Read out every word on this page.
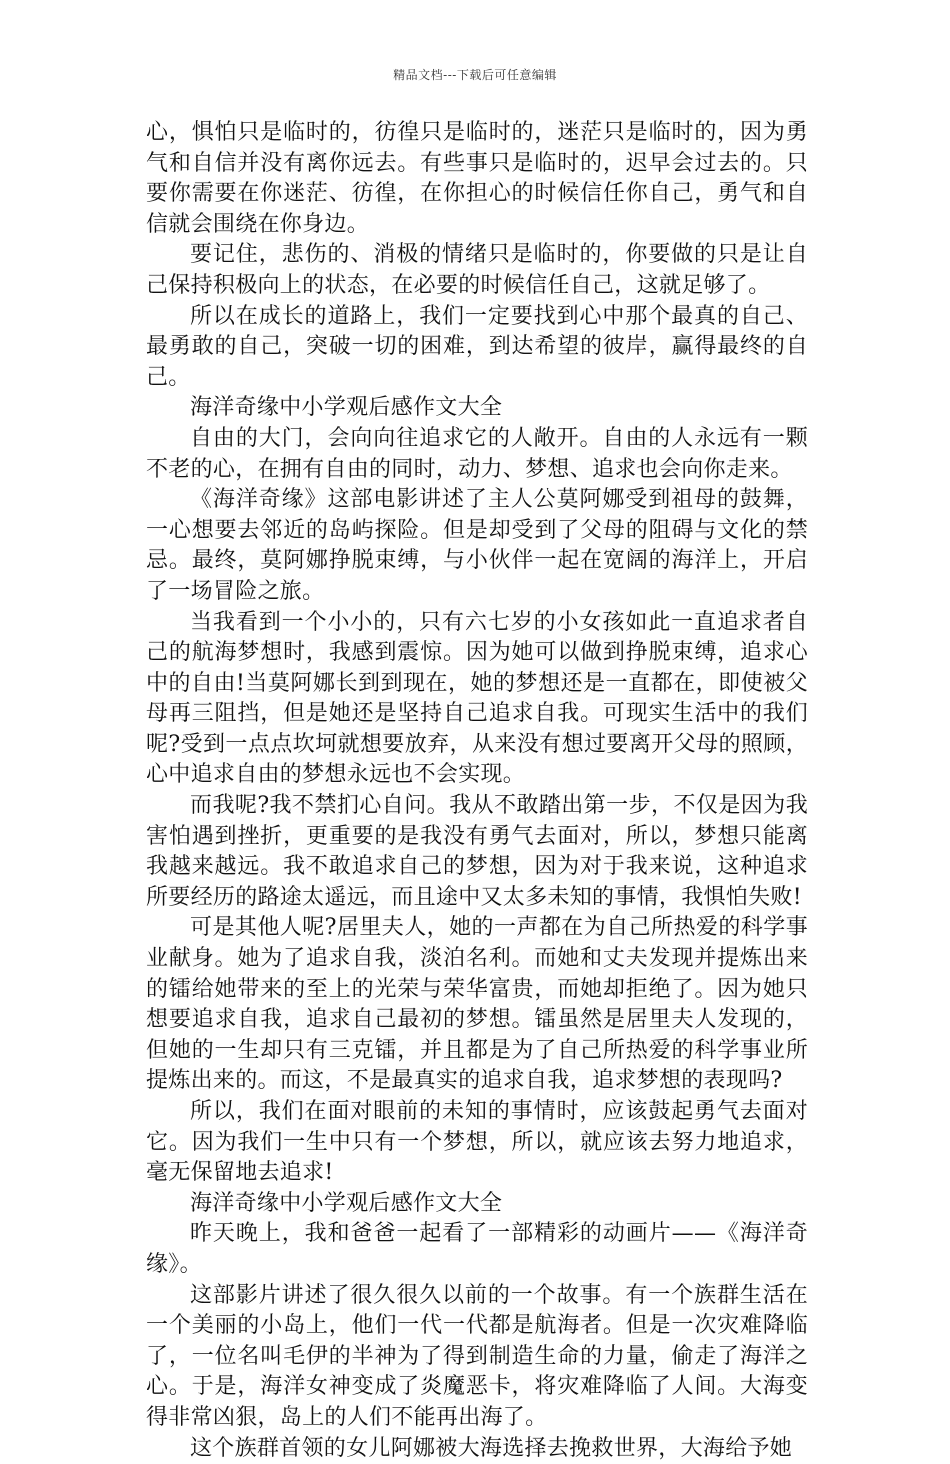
精品文档---下载后可任意编辑

心，惧怕只是临时的，彷徨只是临时的，迷茫只是临时的，因为勇气和自信并没有离你远去。有些事只是临时的，迟早会过去的。只要你需要在你迷茫、彷徨，在你担心的时候信任你自己，勇气和自信就会围绕在你身边。

要记住，悲伤的、消极的情绪只是临时的，你要做的只是让自己保持积极向上的状态，在必要的时候信任自己，这就足够了。

所以在成长的道路上，我们一定要找到心中那个最真的自己、最勇敢的自己，突破一切的困难，到达希望的彼岸，赢得最终的自己。

海洋奇缘中小学观后感作文大全

自由的大门，会向向往追求它的人敞开。自由的人永远有一颗不老的心，在拥有自由的同时，动力、梦想、追求也会向你走来。

《海洋奇缘》这部电影讲述了主人公莫阿娜受到祖母的鼓舞，一心想要去邻近的岛屿探险。但是却受到了父母的阻碍与文化的禁忌。最终，莫阿娜挣脱束缚，与小伙伴一起在宽阔的海洋上，开启了一场冒险之旅。

当我看到一个小小的，只有六七岁的小女孩如此一直追求者自己的航海梦想时，我感到震惊。因为她可以做到挣脱束缚，追求心中的自由!当莫阿娜长到到现在，她的梦想还是一直都在，即使被父母再三阻挡，但是她还是坚持自己追求自我。可现实生活中的我们呢?受到一点点坎坷就想要放弃，从来没有想过要离开父母的照顾，心中追求自由的梦想永远也不会实现。

而我呢?我不禁扪心自问。我从不敢踏出第一步，不仅是因为我害怕遇到挫折，更重要的是我没有勇气去面对，所以，梦想只能离我越来越远。我不敢追求自己的梦想，因为对于我来说，这种追求所要经历的路途太遥远，而且途中又太多未知的事情，我惧怕失败!

可是其他人呢?居里夫人，她的一声都在为自己所热爱的科学事业献身。她为了追求自我，淡泊名利。而她和丈夫发现并提炼出来的镭给她带来的至上的光荣与荣华富贵，而她却拒绝了。因为她只想要追求自我，追求自己最初的梦想。镭虽然是居里夫人发现的，但她的一生却只有三克镭，并且都是为了自己所热爱的科学事业所提炼出来的。而这，不是最真实的追求自我，追求梦想的表现吗?

所以，我们在面对眼前的未知的事情时，应该鼓起勇气去面对它。因为我们一生中只有一个梦想，所以，就应该去努力地追求，毫无保留地去追求!

海洋奇缘中小学观后感作文大全

昨天晚上，我和爸爸一起看了一部精彩的动画片——《海洋奇缘》。

这部影片讲述了很久很久以前的一个故事。有一个族群生活在一个美丽的小岛上，他们一代一代都是航海者。但是一次灾难降临了，一位名叫毛伊的半神为了得到制造生命的力量，偷走了海洋之心。于是，海洋女神变成了炎魔恶卡，将灾难降临了人间。大海变得非常凶狠，岛上的人们不能再出海了。

这个族群首领的女儿阿娜被大海选择去挽救世界，大海给予她
